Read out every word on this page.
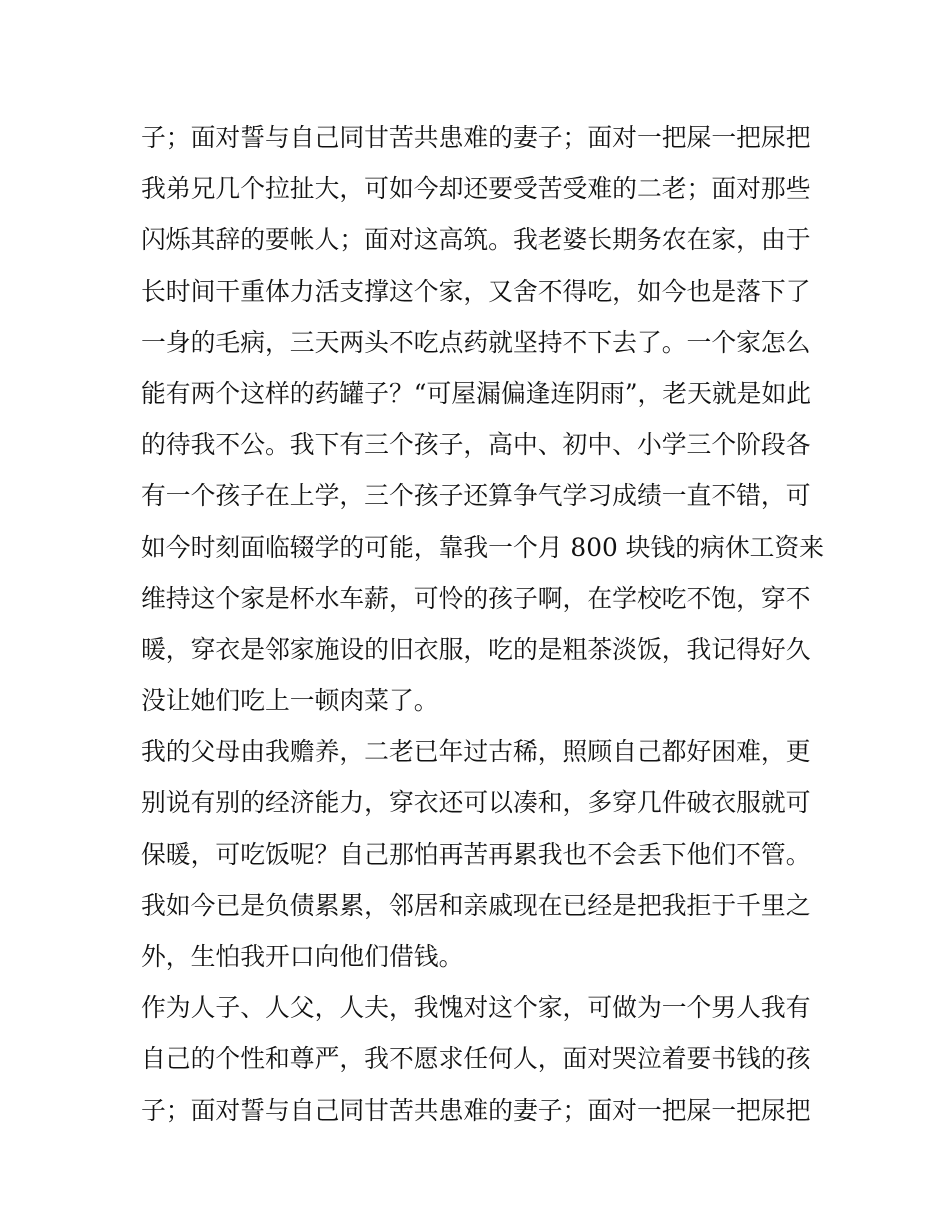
子；面对誓与自己同甘苦共患难的妻子；面对一把屎一把尿把
我弟兄几个拉扯大，可如今却还要受苦受难的二老；面对那些
闪烁其辞的要帐人；面对这高筑。我老婆长期务农在家，由于
长时间干重体力活支撑这个家，又舍不得吃，如今也是落下了
一身的毛病，三天两头不吃点药就坚持不下去了。一个家怎么
能有两个这样的药罐子？“可屋漏偏逢连阴雨”，老天就是如此
的待我不公。我下有三个孩子，高中、初中、小学三个阶段各
有一个孩子在上学，三个孩子还算争气学习成绩一直不错，可
如今时刻面临辍学的可能，靠我一个月 800 块钱的病休工资来
维持这个家是杯水车薪，可怜的孩子啊，在学校吃不饱，穿不
暖，穿衣是邻家施设的旧衣服，吃的是粗茶淡饭，我记得好久
没让她们吃上一顿肉菜了。
我的父母由我赡养，二老已年过古稀，照顾自己都好困难，更
别说有别的经济能力，穿衣还可以凑和，多穿几件破衣服就可
保暖，可吃饭呢？自己那怕再苦再累我也不会丢下他们不管。
我如今已是负债累累，邻居和亲戚现在已经是把我拒于千里之
外，生怕我开口向他们借钱。
作为人子、人父，人夫，我愧对这个家，可做为一个男人我有
自己的个性和尊严，我不愿求任何人，面对哭泣着要书钱的孩
子；面对誓与自己同甘苦共患难的妻子；面对一把屎一把尿把
